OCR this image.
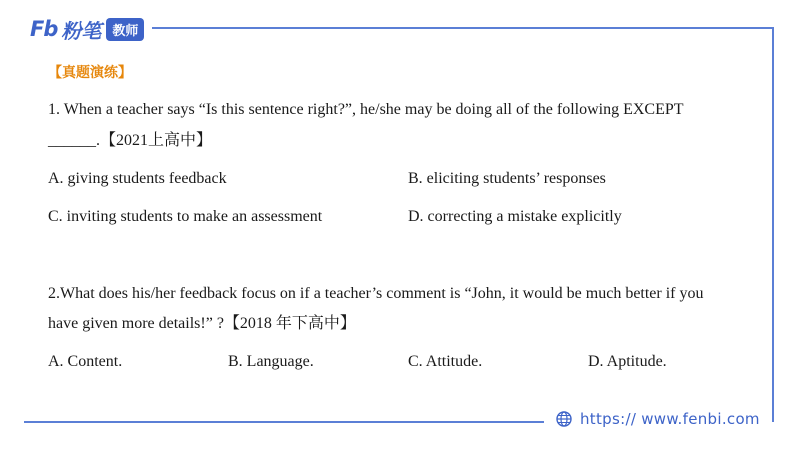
Fb 粉笔 教师
【真题演练】
1. When a teacher says “Is this sentence right?”, he/she may be doing all of the following EXCEPT
______.【2021上高中】
A. giving students feedback	B. eliciting students’ responses
C. inviting students to make an assessment	D. correcting a mistake explicitly
2.What does his/her feedback focus on if a teacher’s comment is “John, it would be much better if you
have given more details!” ?【2018 年下高中】
A. Content.	B. Language.	C. Attitude.	D. Aptitude.
https:// www.fenbi.com
